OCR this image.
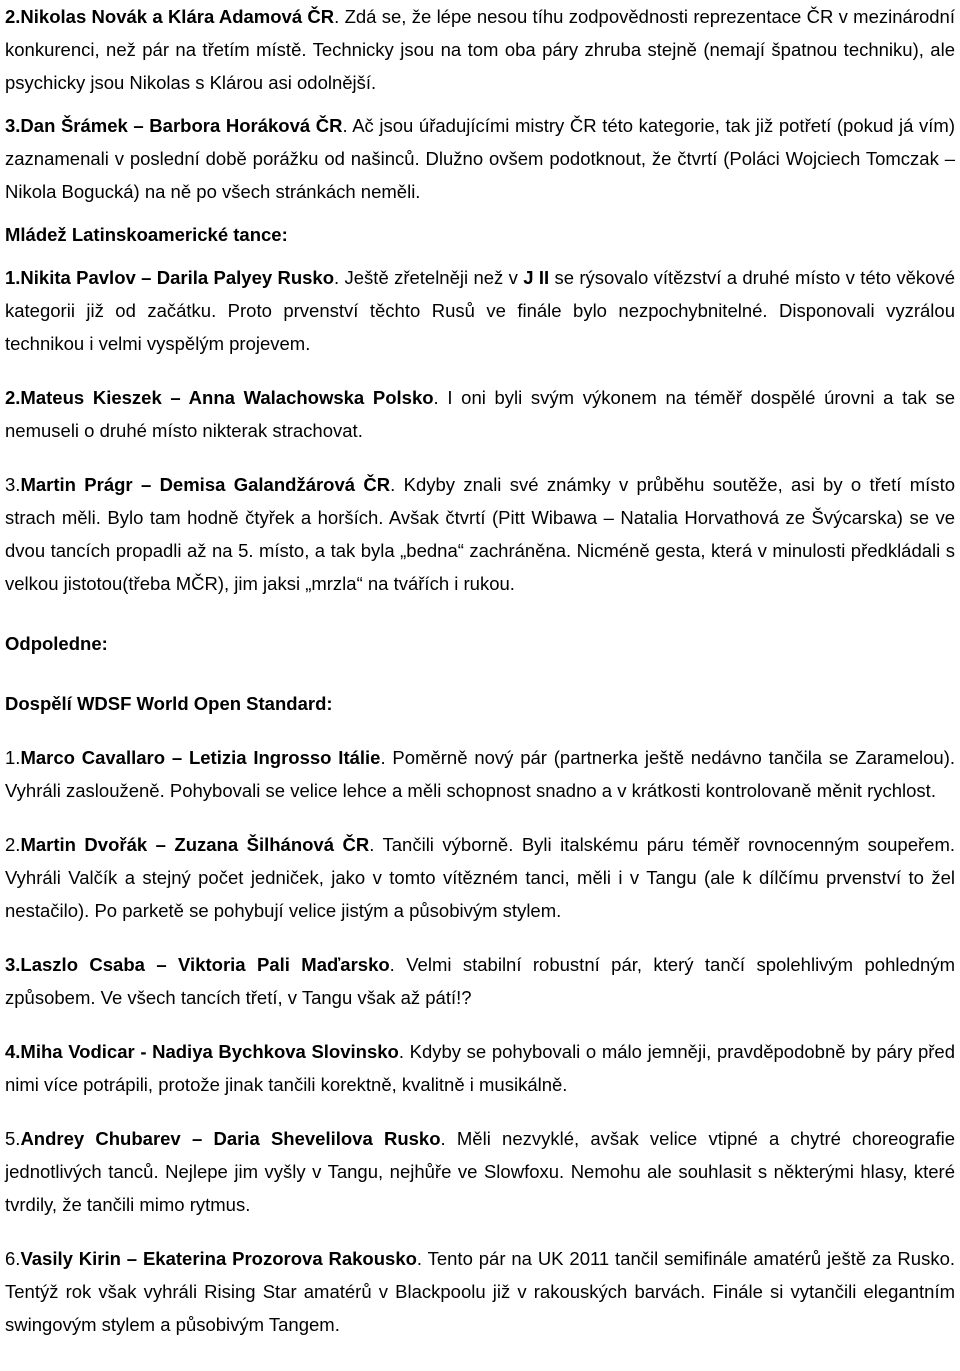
2.Nikolas Novák a Klára Adamová ČR. Zdá se, že lépe nesou tíhu zodpovědnosti reprezentace ČR v mezinárodní konkurenci, než pár na třetím místě. Technicky jsou na tom oba páry zhruba stejně (nemají špatnou techniku), ale psychicky jsou Nikolas s Klárou asi odolnější.

3.Dan Šrámek – Barbora Horáková ČR. Ač jsou úřadujícími mistry ČR této kategorie, tak již potřetí (pokud já vím) zaznamenali v poslední době porážku od našinců. Dlužno ovšem podotknout, že čtvrtí (Poláci Wojciech Tomczak – Nikola Bogucká) na ně po všech stránkách neměli.

Mládež Latinskoamerické tance:

1.Nikita Pavlov – Darila Palyey Rusko. Ještě zřetelněji než v J II se rýsovalo vítězství a druhé místo v této věkové kategorii již od začátku. Proto prvenství těchto Rusů ve finále bylo nezpochybnitelné. Disponovali vyzrálou technikou i velmi vyspělým projevem.

2.Mateus Kieszek – Anna Walachowska Polsko. I oni byli svým výkonem na téměř dospělé úrovni a tak se nemuseli o druhé místo nikterak strachovat.

3.Martin Prágr – Demisa Galandžárová ČR. Kdyby znali své známky v průběhu soutěže, asi by o třetí místo strach měli. Bylo tam hodně čtyřek a horších. Avšak čtvrtí (Pitt Wibawa – Natalia Horvathová ze Švýcarska) se ve dvou tancích propadli až na 5. místo, a tak byla „bedna“ zachráněna. Nicméně gesta, která v minulosti předkládali s velkou jistotou(třeba MČR), jim jaksi „mrzla“ na tvářích i rukou.

Odpoledne:

Dospělí WDSF World Open Standard:

1.Marco Cavallaro – Letizia Ingrosso Itálie. Poměrně nový pár (partnerka ještě nedávno tančila se Zaramelou). Vyhráli zaslouženě. Pohybovali se velice lehce a měli schopnost snadno a v krátkosti kontrolovaně měnit rychlost.

2.Martin Dvořák – Zuzana Šilhánová ČR. Tančili výborně. Byli italskému páru téměř rovnocenným soupeřem. Vyhráli Valčík a stejný počet jedniček, jako v tomto vítězném tanci, měli i v Tangu (ale k dílčímu prvenství to žel nestačilo). Po parketě se pohybují velice jistým a působivým stylem.

3.Laszlo Csaba – Viktoria Pali Maďarsko. Velmi stabilní robustní pár, který tančí spolehlivým pohledným způsobem. Ve všech tancích třetí, v Tangu však až pátí!?

4.Miha Vodicar - Nadiya Bychkova Slovinsko. Kdyby se pohybovali o málo jemněji, pravděpodobně by páry před nimi více potrápili, protože jinak tančili korektně, kvalitně i musikálně.

5.Andrey Chubarev – Daria Shevelilova Rusko. Měli nezvyklé, avšak velice vtipné a chytré choreografie jednotlivých tanců. Nejlepe jim vyšly v Tangu, nejhůře ve Slowfoxu. Nemohu ale souhlasit s některými hlasy, které tvrdily, že tančili mimo rytmus.

6.Vasily Kirin – Ekaterina Prozorova Rakousko. Tento pár na UK 2011 tančil semifinále amatérů ještě za Rusko. Tentýž rok však vyhráli Rising Star amatérů v Blackpoolu již v rakouských barvách. Finále si vytančili elegantním swingovým stylem a působivým Tangem.
